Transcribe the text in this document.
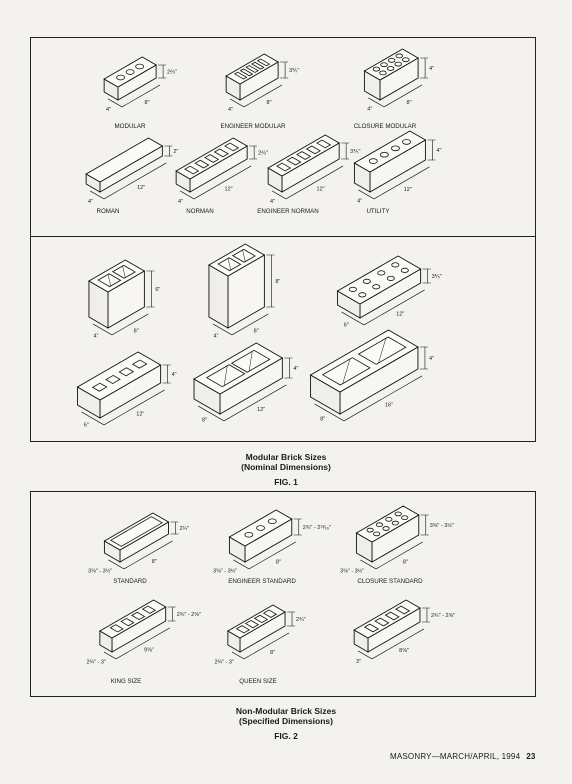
2⅔"
8"
4"
MODULAR
3⅕"
8"
4"
ENGINEER MODULAR
4"
8"
4"
CLOSURE MODULAR
2"
12"
4"
ROMAN
2⅔"
12"
4"
NORMAN
3⅕"
12"
4"
ENGINEER NORMAN
4"
12"
4"
UTILITY
6"
8"
4"
8"
8"
4"
3⅕"
12"
6"
4"
12"
6"
4"
12"
8"
4"
16"
8"
2¼"
8"
3⅝" - 3½"
STANDARD
2¾" - 2¹³⁄₁₆"
8"
3⅝" - 3½"
ENGINEER STANDARD
3⅝" - 3½"
8"
3⅝" - 3½"
CLOSURE STANDARD
2¾" - 2⅝"
9⅝"
2¾" - 3"
KING SIZE
2¾"
8"
2¾" - 3"
QUEEN SIZE
2¾" - 2⅝"
8⅝"
3"
Modular Brick Sizes
(Nominal Dimensions)
FIG. 1
Non-Modular Brick Sizes
(Specified Dimensions)
FIG. 2
MASONRY—MARCH/APRIL, 1994 23
